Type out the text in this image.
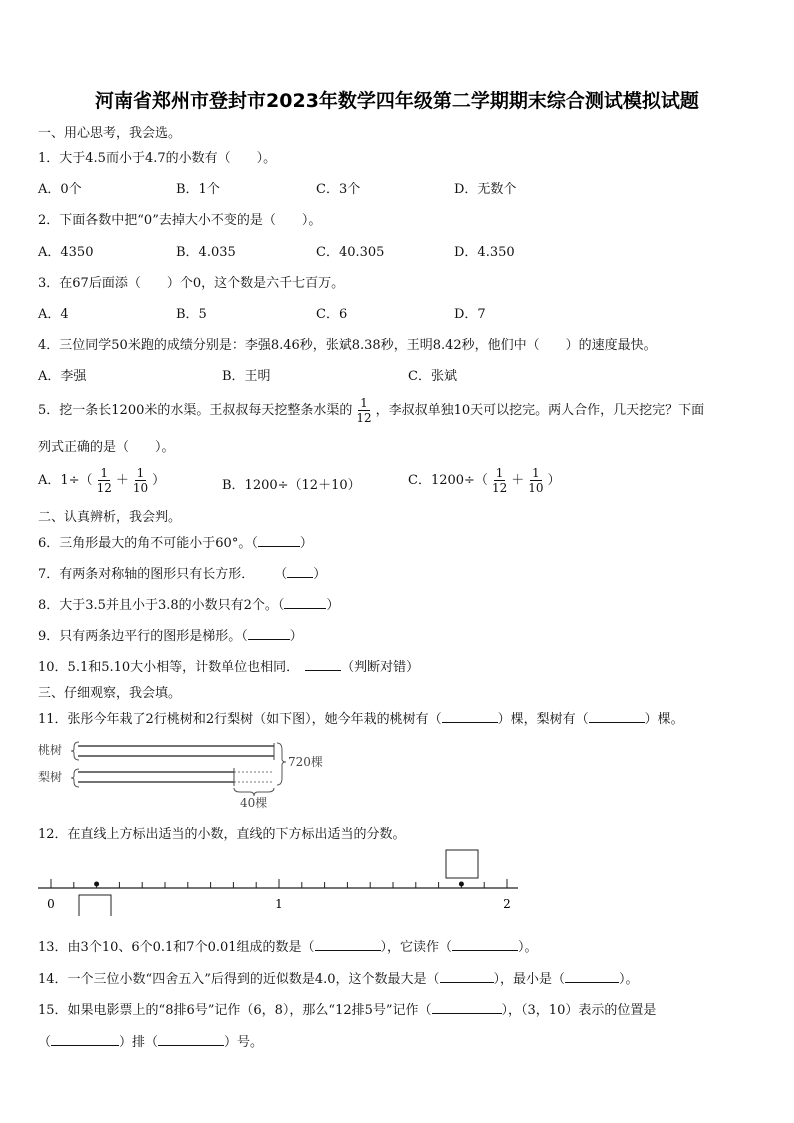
河南省郑州市登封市2023年数学四年级第二学期期末综合测试模拟试题
一、用心思考，我会选。
1．大于4.5而小于4.7的小数有（　　）。
A．0个	B．1个	C．3个	D．无数个
2．下面各数中把“0”去掉大小不变的是（　　）。
A．4350	B．4.035	C．40.305	D．4.350
3．在67后面添（　　）个0，这个数是六千七百万。
A．4	B．5	C．6	D．7
4．三位同学50米跑的成绩分别是：李强8.46秒，张斌8.38秒，王明8.42秒，他们中（　　）的速度最快。
A．李强	B．王明	C．张斌
5．挖一条长1200米的水渠。王叔叔每天挖整条水渠的 $\frac{1}{12}$ ，李叔叔单独10天可以挖完。两人合作，几天挖完？下面
列式正确的是（　　）。
A．$1\div( \frac{1}{12} + \frac{1}{10}$ ）	B．1200÷（12＋10）	C．$1200\div( \frac{1}{12} + \frac{1}{10}$ ）
二、认真辨析，我会判。
6．三角形最大的角不可能小于60°。（	）
7．有两条对称轴的图形只有长方形． （ ）
8．大于3.5并且小于3.8的小数只有2个。（	）
9．只有两条边平行的图形是梯形。（	）
10．5.1和5.10大小相等，计数单位也相同．	（判断对错）
三、仔细观察，我会填。
11．张彤今年栽了2行桃树和2行梨树（如下图），她今年栽的桃树有（	）棵，梨树有（	）棵。
桃树
梨树
720棵
40棵
12．在直线上方标出适当的小数，直线的下方标出适当的分数。
0	1	2
13．由3个10、6个0.1和7个0.01组成的数是（	），它读作（	）。
14．一个三位小数“四舍五入”后得到的近似数是4.0，这个数最大是（	），最小是（	）。
15．如果电影票上的“8排6号”记作（6，8），那么“12排5号”记作（	），（3，10）表示的位置是
（	）排（	）号。
